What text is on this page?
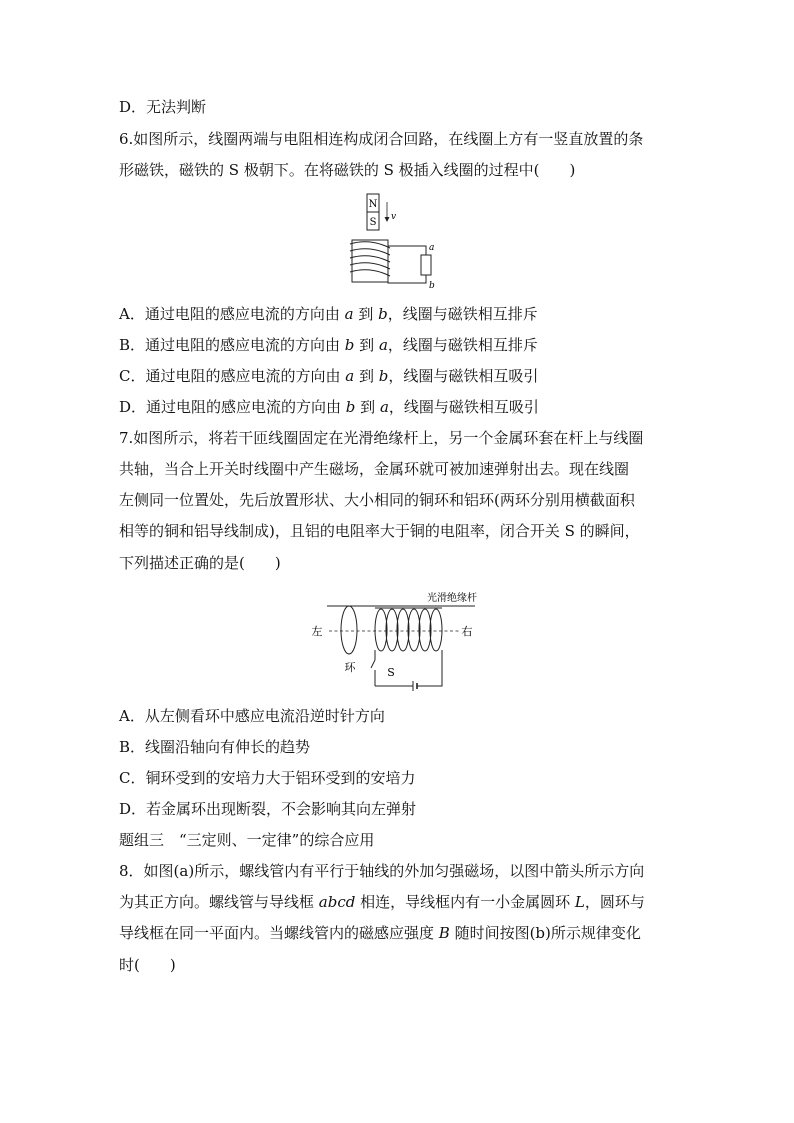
D．无法判断
6.如图所示，线圈两端与电阻相连构成闭合回路，在线圈上方有一竖直放置的条
形磁铁，磁铁的 S 极朝下。在将磁铁的 S 极插入线圈的过程中(　　)
N
S v
a
b
A．通过电阻的感应电流的方向由 a 到 b，线圈与磁铁相互排斥
B．通过电阻的感应电流的方向由 b 到 a，线圈与磁铁相互排斥
C．通过电阻的感应电流的方向由 a 到 b，线圈与磁铁相互吸引
D．通过电阻的感应电流的方向由 b 到 a，线圈与磁铁相互吸引
7.如图所示，将若干匝线圈固定在光滑绝缘杆上，另一个金属环套在杆上与线圈
共轴，当合上开关时线圈中产生磁场，金属环就可被加速弹射出去。现在线圈
左侧同一位置处，先后放置形状、大小相同的铜环和铝环(两环分别用横截面积
相等的铜和铝导线制成)，且铝的电阻率大于铜的电阻率，闭合开关 S 的瞬间，
下列描述正确的是(　　)
光滑绝缘杆
左	右
环	S
A．从左侧看环中感应电流沿逆时针方向
B．线圈沿轴向有伸长的趋势
C．铜环受到的安培力大于铝环受到的安培力
D．若金属环出现断裂，不会影响其向左弹射
题组三　“三定则、一定律”的综合应用
8．如图(a)所示，螺线管内有平行于轴线的外加匀强磁场，以图中箭头所示方向
为其正方向。螺线管与导线框 abcd 相连，导线框内有一小金属圆环 L，圆环与
导线框在同一平面内。当螺线管内的磁感应强度 B 随时间按图(b)所示规律变化
时(　　)
